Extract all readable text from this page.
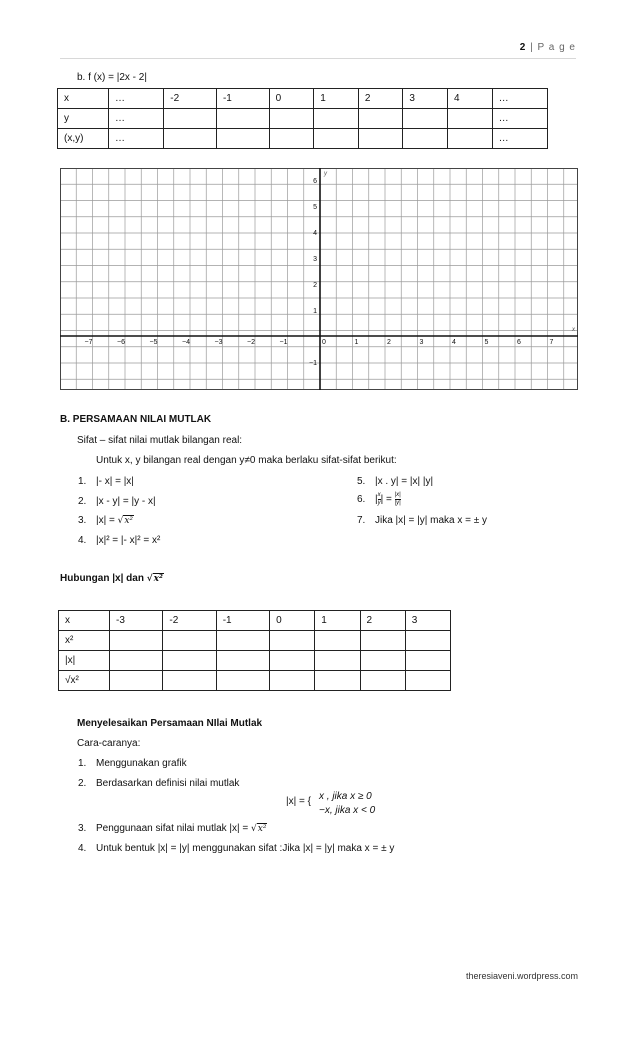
2 | P a g e
b. f (x) = |2x - 2|
x	…	-2	-1	0	1	2	3	4	…
y	…								…
(x,y)	…								…
−7	−6	−5	−4	−3	−2	−1	0	1	2	3	4	5	6	7
6
5
4
3
2
1
−1
x
y
B. PERSAMAAN NILAI MUTLAK
Sifat – sifat nilai mutlak bilangan real:
Untuk x, y bilangan real dengan y≠0 maka berlaku sifat-sifat berikut:
1. |- x| = |x|
2. |x - y| = |y - x|
3. |x| = √x²
4. |x|² = |- x|² = x²
5. |x . y| = |x| |y|
6. | $\frac{x}{y}$ | = $\frac{|x|}{|y|}$
7. Jika |x| = |y| maka x = ± y
Hubungan |x| dan √x²
x	-3	-2	-1	0	1	2	3
x²							
|x|							
√x²							
Menyelesaikan Persamaan NIlai Mutlak
Cara-caranya:
1. Menggunakan grafik
2. Berdasarkan definisi nilai mutlak
|x| = { x , jika x ≥ 0
−x, jika x < 0
3. Penggunaan sifat nilai mutlak |x| = √x²
4. Untuk bentuk |x| = |y| menggunakan sifat :Jika |x| = |y| maka x = ± y
theresiaveni.wordpress.com
